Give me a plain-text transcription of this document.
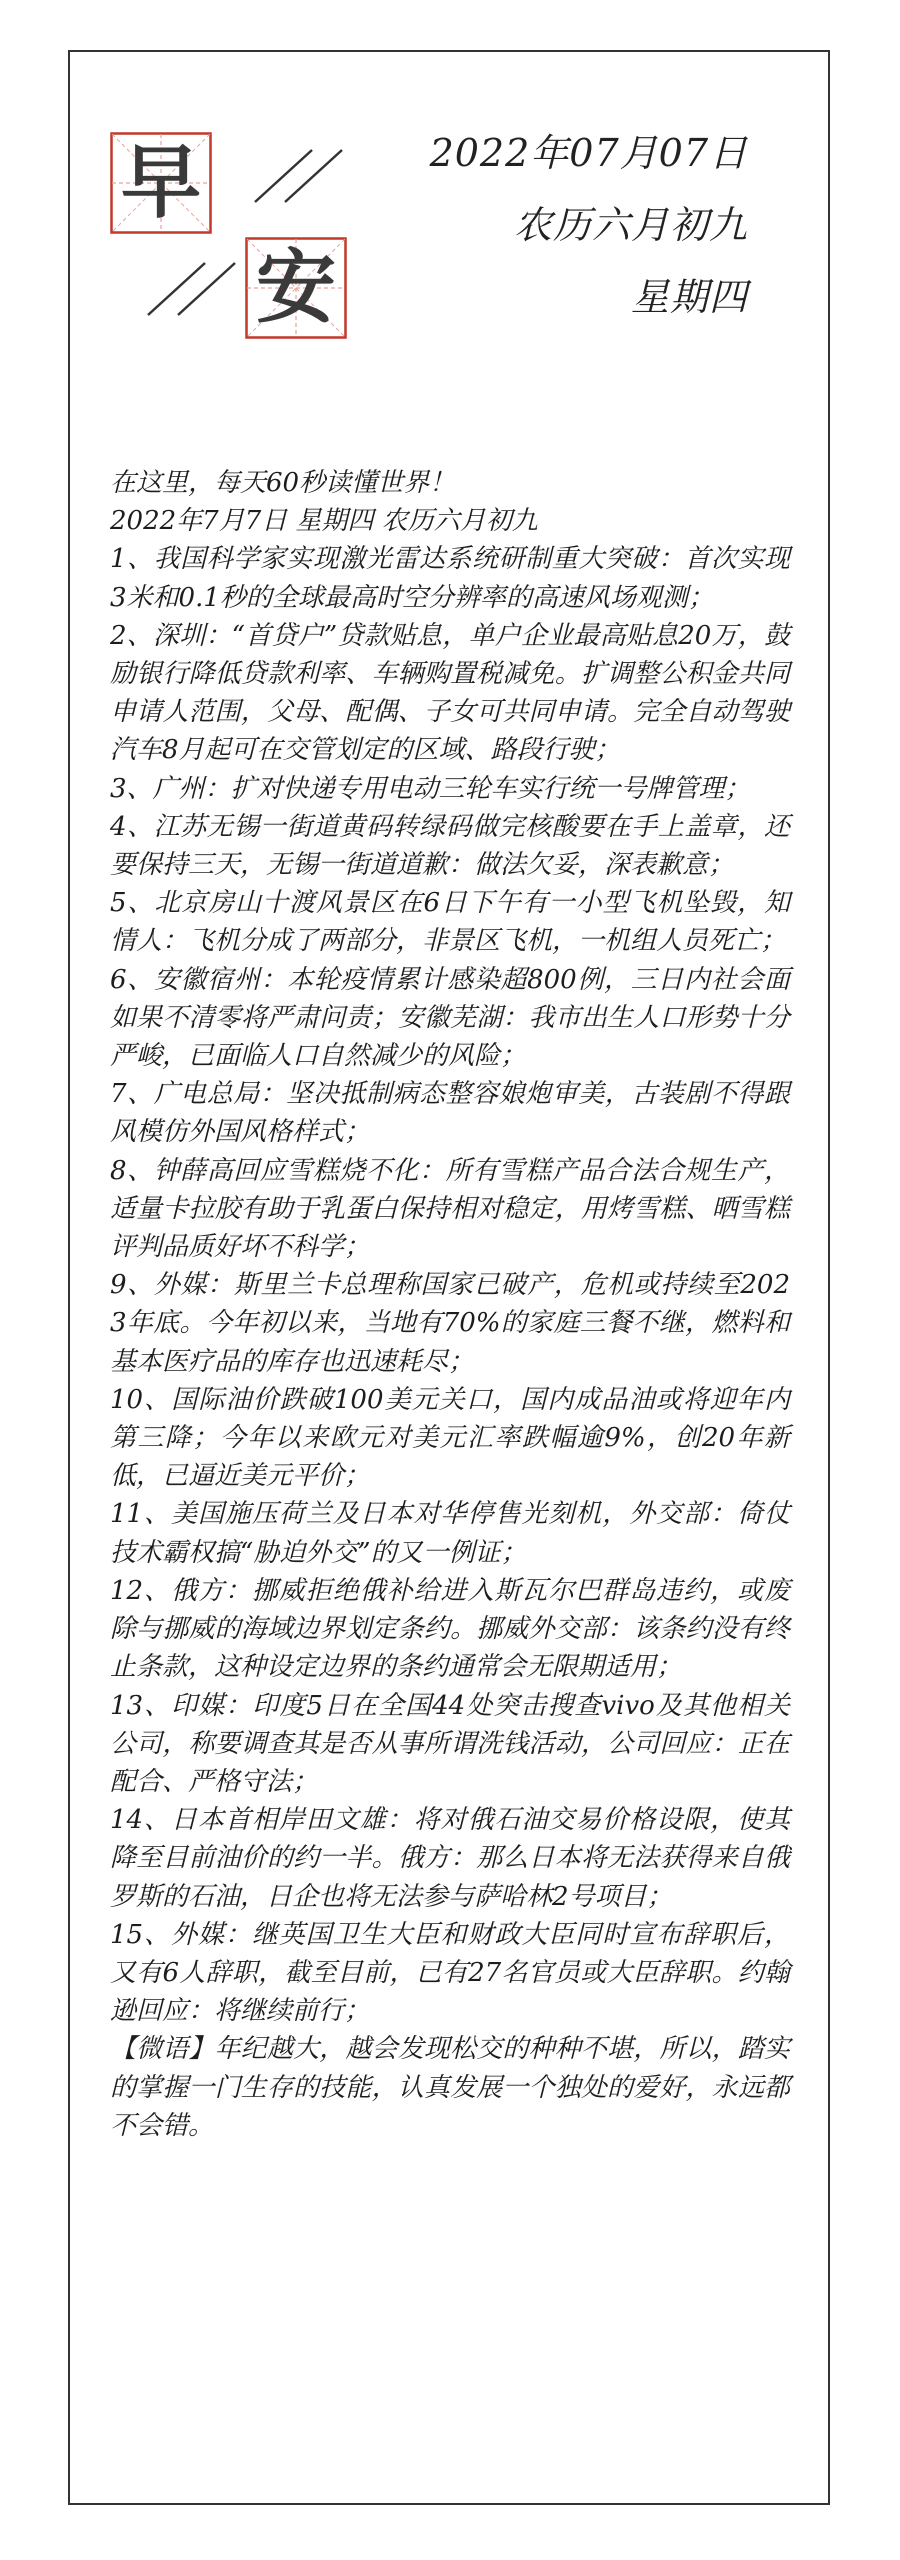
早
安
2022年07月07日
农历六月初九
星期四

在这里，每天60秒读懂世界！

2022年7月7日 星期四 农历六月初九

1、我国科学家实现激光雷达系统研制重大突破：首次实现3米和0.1秒的全球最高时空分辨率的高速风场观测；

2、深圳：“首贷户”贷款贴息，单户企业最高贴息20万，鼓励银行降低贷款利率、车辆购置税减免。扩调整公积金共同申请人范围，父母、配偶、子女可共同申请。完全自动驾驶汽车8月起可在交管划定的区域、路段行驶；

3、广州：扩对快递专用电动三轮车实行统一号牌管理；

4、江苏无锡一街道黄码转绿码做完核酸要在手上盖章，还要保持三天，无锡一街道道歉：做法欠妥，深表歉意；

5、北京房山十渡风景区在6日下午有一小型飞机坠毁，知情人：飞机分成了两部分，非景区飞机，一机组人员死亡；

6、安徽宿州：本轮疫情累计感染超800例，三日内社会面如果不清零将严肃问责；安徽芜湖：我市出生人口形势十分严峻，已面临人口自然减少的风险；

7、广电总局：坚决抵制病态整容娘炮审美，古装剧不得跟风模仿外国风格样式；

8、钟薛高回应雪糕烧不化：所有雪糕产品合法合规生产，适量卡拉胶有助于乳蛋白保持相对稳定，用烤雪糕、晒雪糕评判品质好坏不科学；

9、外媒：斯里兰卡总理称国家已破产，危机或持续至2023年底。今年初以来，当地有70%的家庭三餐不继，燃料和基本医疗品的库存也迅速耗尽；

10、国际油价跌破100美元关口，国内成品油或将迎年内第三降；今年以来欧元对美元汇率跌幅逾9%，创20年新低，已逼近美元平价；

11、美国施压荷兰及日本对华停售光刻机，外交部：倚仗技术霸权搞“胁迫外交”的又一例证；

12、俄方：挪威拒绝俄补给进入斯瓦尔巴群岛违约，或废除与挪威的海域边界划定条约。挪威外交部：该条约没有终止条款，这种设定边界的条约通常会无限期适用；

13、印媒：印度5日在全国44处突击搜查vivo及其他相关公司，称要调查其是否从事所谓洗钱活动，公司回应：正在配合、严格守法；

14、日本首相岸田文雄：将对俄石油交易价格设限，使其降至目前油价的约一半。俄方：那么日本将无法获得来自俄罗斯的石油，日企也将无法参与萨哈林2号项目；

15、外媒：继英国卫生大臣和财政大臣同时宣布辞职后，又有6人辞职，截至目前，已有27名官员或大臣辞职。约翰逊回应：将继续前行；

【微语】年纪越大，越会发现松交的种种不堪，所以，踏实的掌握一门生存的技能，认真发展一个独处的爱好，永远都不会错。
